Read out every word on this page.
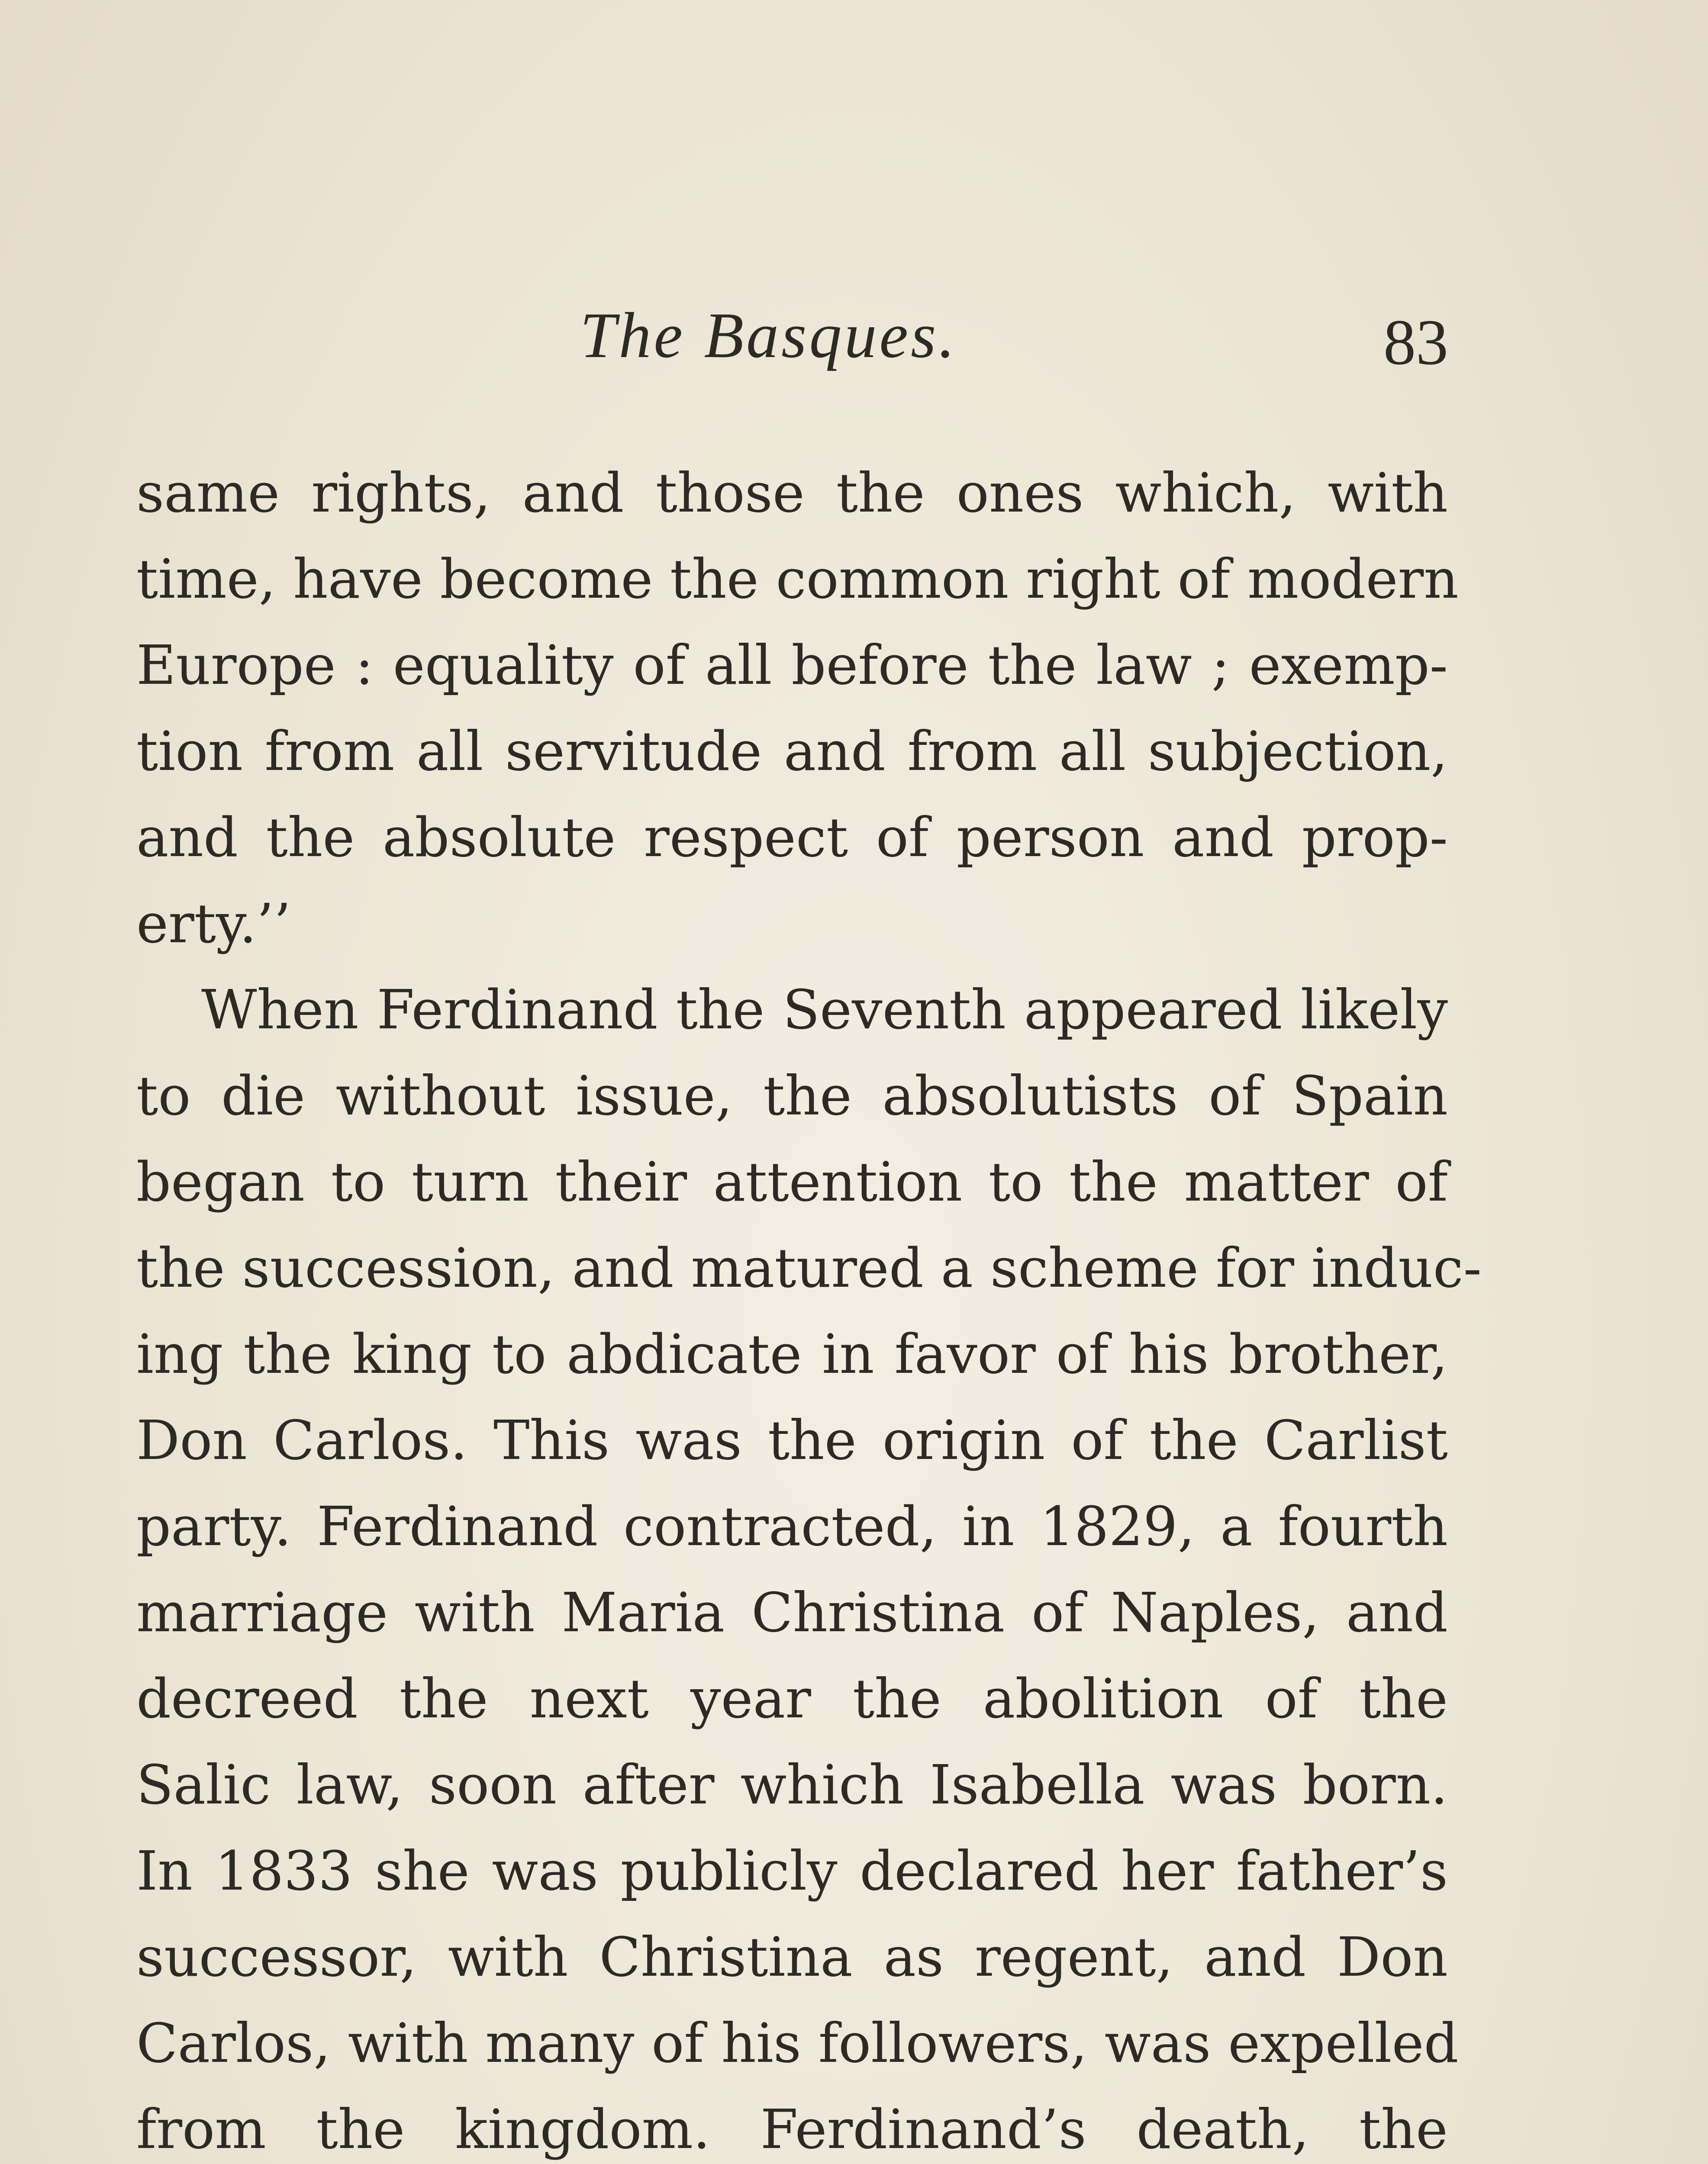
The Basques.	83
same rights, and those the ones which, with
time, have become the common right of modern
Europe : equality of all before the law ; exemp-
tion from all servitude and from all subjection,
and the absolute respect of person and prop-
erty.’’
When Ferdinand the Seventh appeared likely
to die without issue, the absolutists of Spain
began to turn their attention to the matter of
the succession, and matured a scheme for induc-
ing the king to abdicate in favor of his brother,
Don Carlos. This was the origin of the Carlist
party. Ferdinand contracted, in 1829, a fourth
marriage with Maria Christina of Naples, and
decreed the next year the abolition of the
Salic law, soon after which Isabella was born.
In 1833 she was publicly declared her father’s
successor, with Christina as regent, and Don
Carlos, with many of his followers, was expelled
from the kingdom. Ferdinand’s death, the
